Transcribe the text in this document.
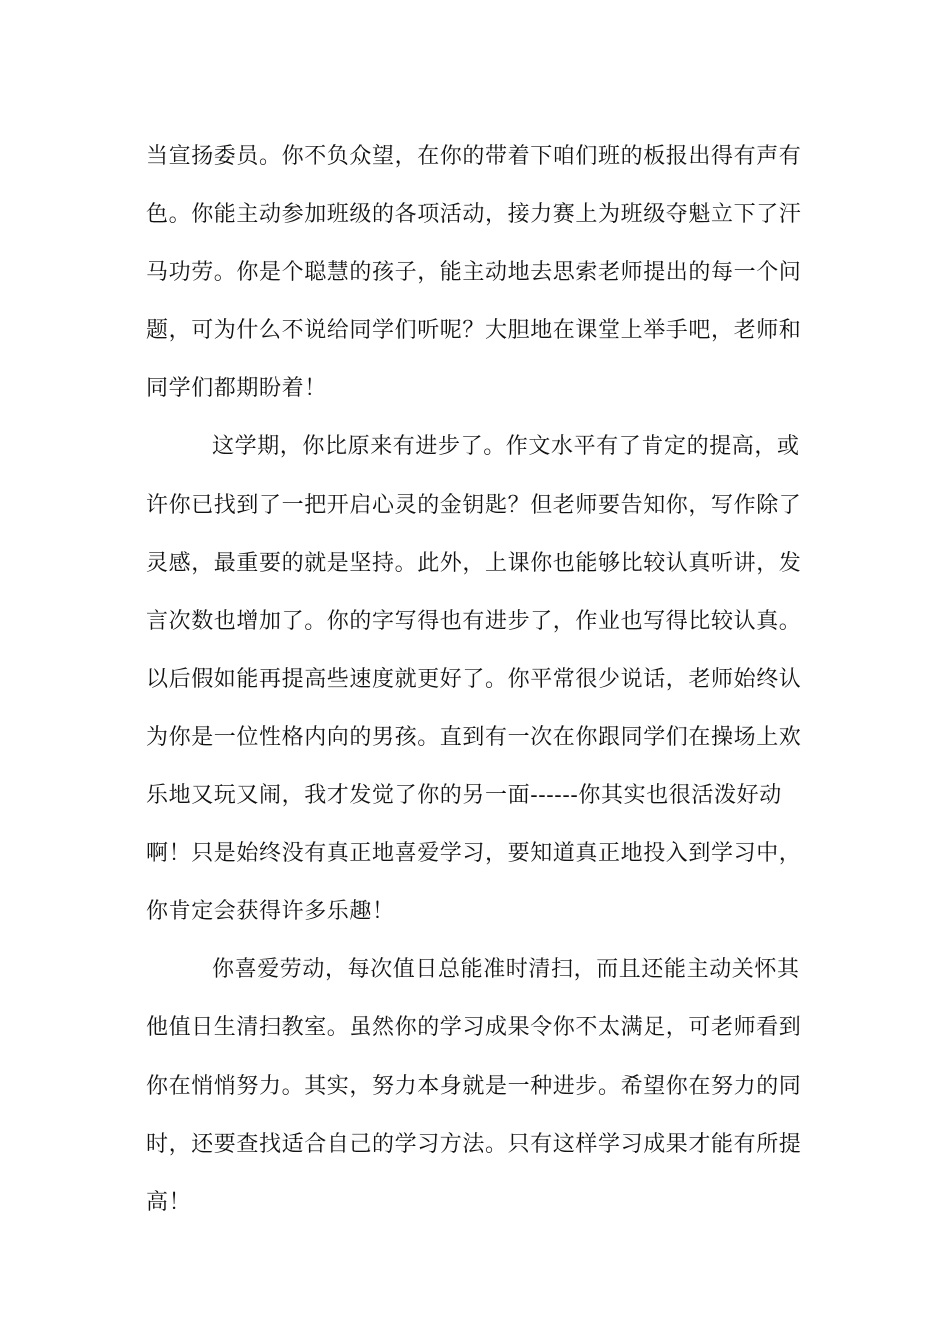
当宣扬委员。你不负众望，在你的带着下咱们班的板报出得有声有
色。你能主动参加班级的各项活动，接力赛上为班级夺魁立下了汗
马功劳。你是个聪慧的孩子，能主动地去思索老师提出的每一个问
题，可为什么不说给同学们听呢？大胆地在课堂上举手吧，老师和
同学们都期盼着！
这学期，你比原来有进步了。作文水平有了肯定的提高，或
许你已找到了一把开启心灵的金钥匙？但老师要告知你，写作除了
灵感，最重要的就是坚持。此外，上课你也能够比较认真听讲，发
言次数也增加了。你的字写得也有进步了，作业也写得比较认真。
以后假如能再提高些速度就更好了。你平常很少说话，老师始终认
为你是一位性格内向的男孩。直到有一次在你跟同学们在操场上欢
乐地又玩又闹，我才发觉了你的另一面------你其实也很活泼好动
啊！只是始终没有真正地喜爱学习，要知道真正地投入到学习中，
你肯定会获得许多乐趣！
你喜爱劳动，每次值日总能准时清扫，而且还能主动关怀其
他值日生清扫教室。虽然你的学习成果令你不太满足，可老师看到
你在悄悄努力。其实，努力本身就是一种进步。希望你在努力的同
时，还要查找适合自己的学习方法。只有这样学习成果才能有所提
高！
